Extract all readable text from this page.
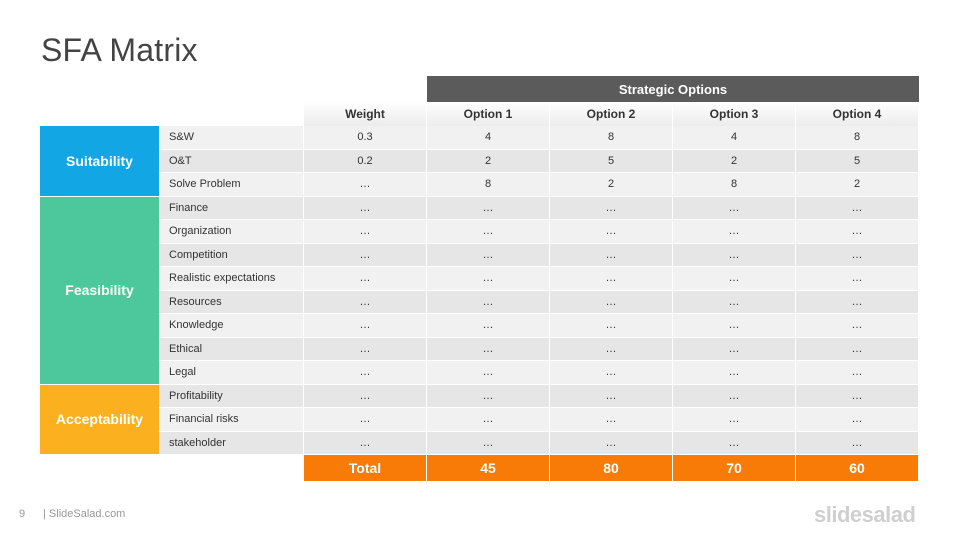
SFA Matrix
			Strategic Options			
		Weight	Option 1	Option 2	Option 3	Option 4
Suitability	S&W	0.3	4	8	4	8
	O&T	0.2	2	5	2	5
	Solve Problem	…	8	2	8	2
Feasibility	Finance	…	…	…	…	…
	Organization	…	…	…	…	…
	Competition	…	…	…	…	…
	Realistic expectations	…	…	…	…	…
	Resources	…	…	…	…	…
	Knowledge	…	…	…	…	…
	Ethical	…	…	…	…	…
	Legal	…	…	…	…	…
Acceptability	Profitability	…	…	…	…	…
	Financial risks	…	…	…	…	…
	stakeholder	…	…	…	…	…
		Total	45	80	70	60
9 | SlideSalad.com	slidesalad
